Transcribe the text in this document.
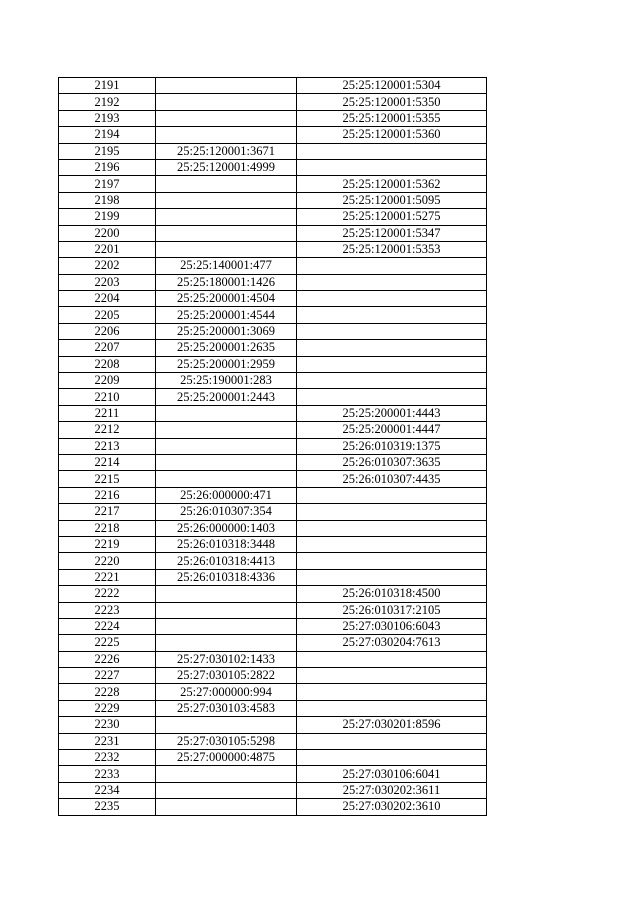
2191		25:25:120001:5304
2192		25:25:120001:5350
2193		25:25:120001:5355
2194		25:25:120001:5360
2195	25:25:120001:3671	
2196	25:25:120001:4999	
2197		25:25:120001:5362
2198		25:25:120001:5095
2199		25:25:120001:5275
2200		25:25:120001:5347
2201		25:25:120001:5353
2202	25:25:140001:477	
2203	25:25:180001:1426	
2204	25:25:200001:4504	
2205	25:25:200001:4544	
2206	25:25:200001:3069	
2207	25:25:200001:2635	
2208	25:25:200001:2959	
2209	25:25:190001:283	
2210	25:25:200001:2443	
2211		25:25:200001:4443
2212		25:25:200001:4447
2213		25:26:010319:1375
2214		25:26:010307:3635
2215		25:26:010307:4435
2216	25:26:000000:471	
2217	25:26:010307:354	
2218	25:26:000000:1403	
2219	25:26:010318:3448	
2220	25:26:010318:4413	
2221	25:26:010318:4336	
2222		25:26:010318:4500
2223		25:26:010317:2105
2224		25:27:030106:6043
2225		25:27:030204:7613
2226	25:27:030102:1433	
2227	25:27:030105:2822	
2228	25:27:000000:994	
2229	25:27:030103:4583	
2230		25:27:030201:8596
2231	25:27:030105:5298	
2232	25:27:000000:4875	
2233		25:27:030106:6041
2234		25:27:030202:3611
2235		25:27:030202:3610
